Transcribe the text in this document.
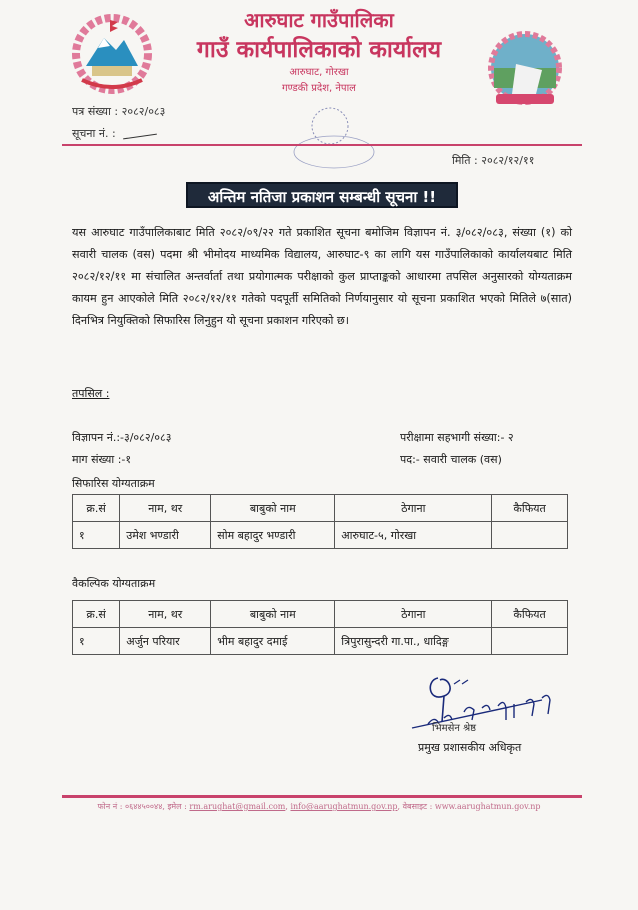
आरुघाट गाउँपालिका
गाउँ कार्यपालिकाको कार्यालय
आरुघाट, गोरखा
गण्डकी प्रदेश, नेपाल
पत्र संख्या : २०८२/०८३
सूचना नं. :
मिति : २०८२/१२/११
अन्तिम नतिजा प्रकाशन सम्बन्धी सूचना !!
यस आरुघाट गाउँपालिकाबाट मिति २०८२/०९/२२ गते प्रकाशित सूचना बमोजिम विज्ञापन नं. ३/०८२/०८३, संख्या (१) को सवारी चालक (वस) पदमा श्री भीमोदय माध्यमिक विद्यालय, आरुघाट-९ का लागि यस गाउँपालिकाको कार्यालयबाट मिति २०८२/१२/११ मा संचालित अन्तर्वार्ता तथा प्रयोगात्मक परीक्षाको कुल प्राप्ताङ्कको आधारमा तपसिल अनुसारको योग्यताक्रम कायम हुन आएकोले मिति २०८२/१२/११ गतेको पदपूर्ती समितिको निर्णयानुसार यो सूचना प्रकाशित भएको मितिले ७(सात) दिनभित्र नियुक्तिको सिफारिस लिनुहुन यो सूचना प्रकाशन गरिएको छ।
तपसिल :
विज्ञापन नं.:-३/०८२/०८३	परीक्षामा सहभागी संख्या:- २
माग संख्या :-१	पद:- सवारी चालक (वस)
सिफारिस योग्यताक्रम
क्र.सं	नाम, थर	बाबुको नाम	ठेगाना	कैफियत
१	उमेश भण्डारी	सोम बहादुर भण्डारी	आरुघाट-५, गोरखा	
वैकल्पिक योग्यताक्रम
क्र.सं	नाम, थर	बाबुको नाम	ठेगाना	कैफियत
१	अर्जुन परियार	भीम बहादुर दमाई	त्रिपुरासुन्दरी गा.पा., धादिङ्ग	
भिमसेन श्रेष्ठ
प्रमुख प्रशासकीय अधिकृत
फोन नं : ०६४४५००४४, इमेल : rm.arughat@gmail.com, info@aarughatmun.gov.np, वेबसाइट : www.aarughatmun.gov.np
